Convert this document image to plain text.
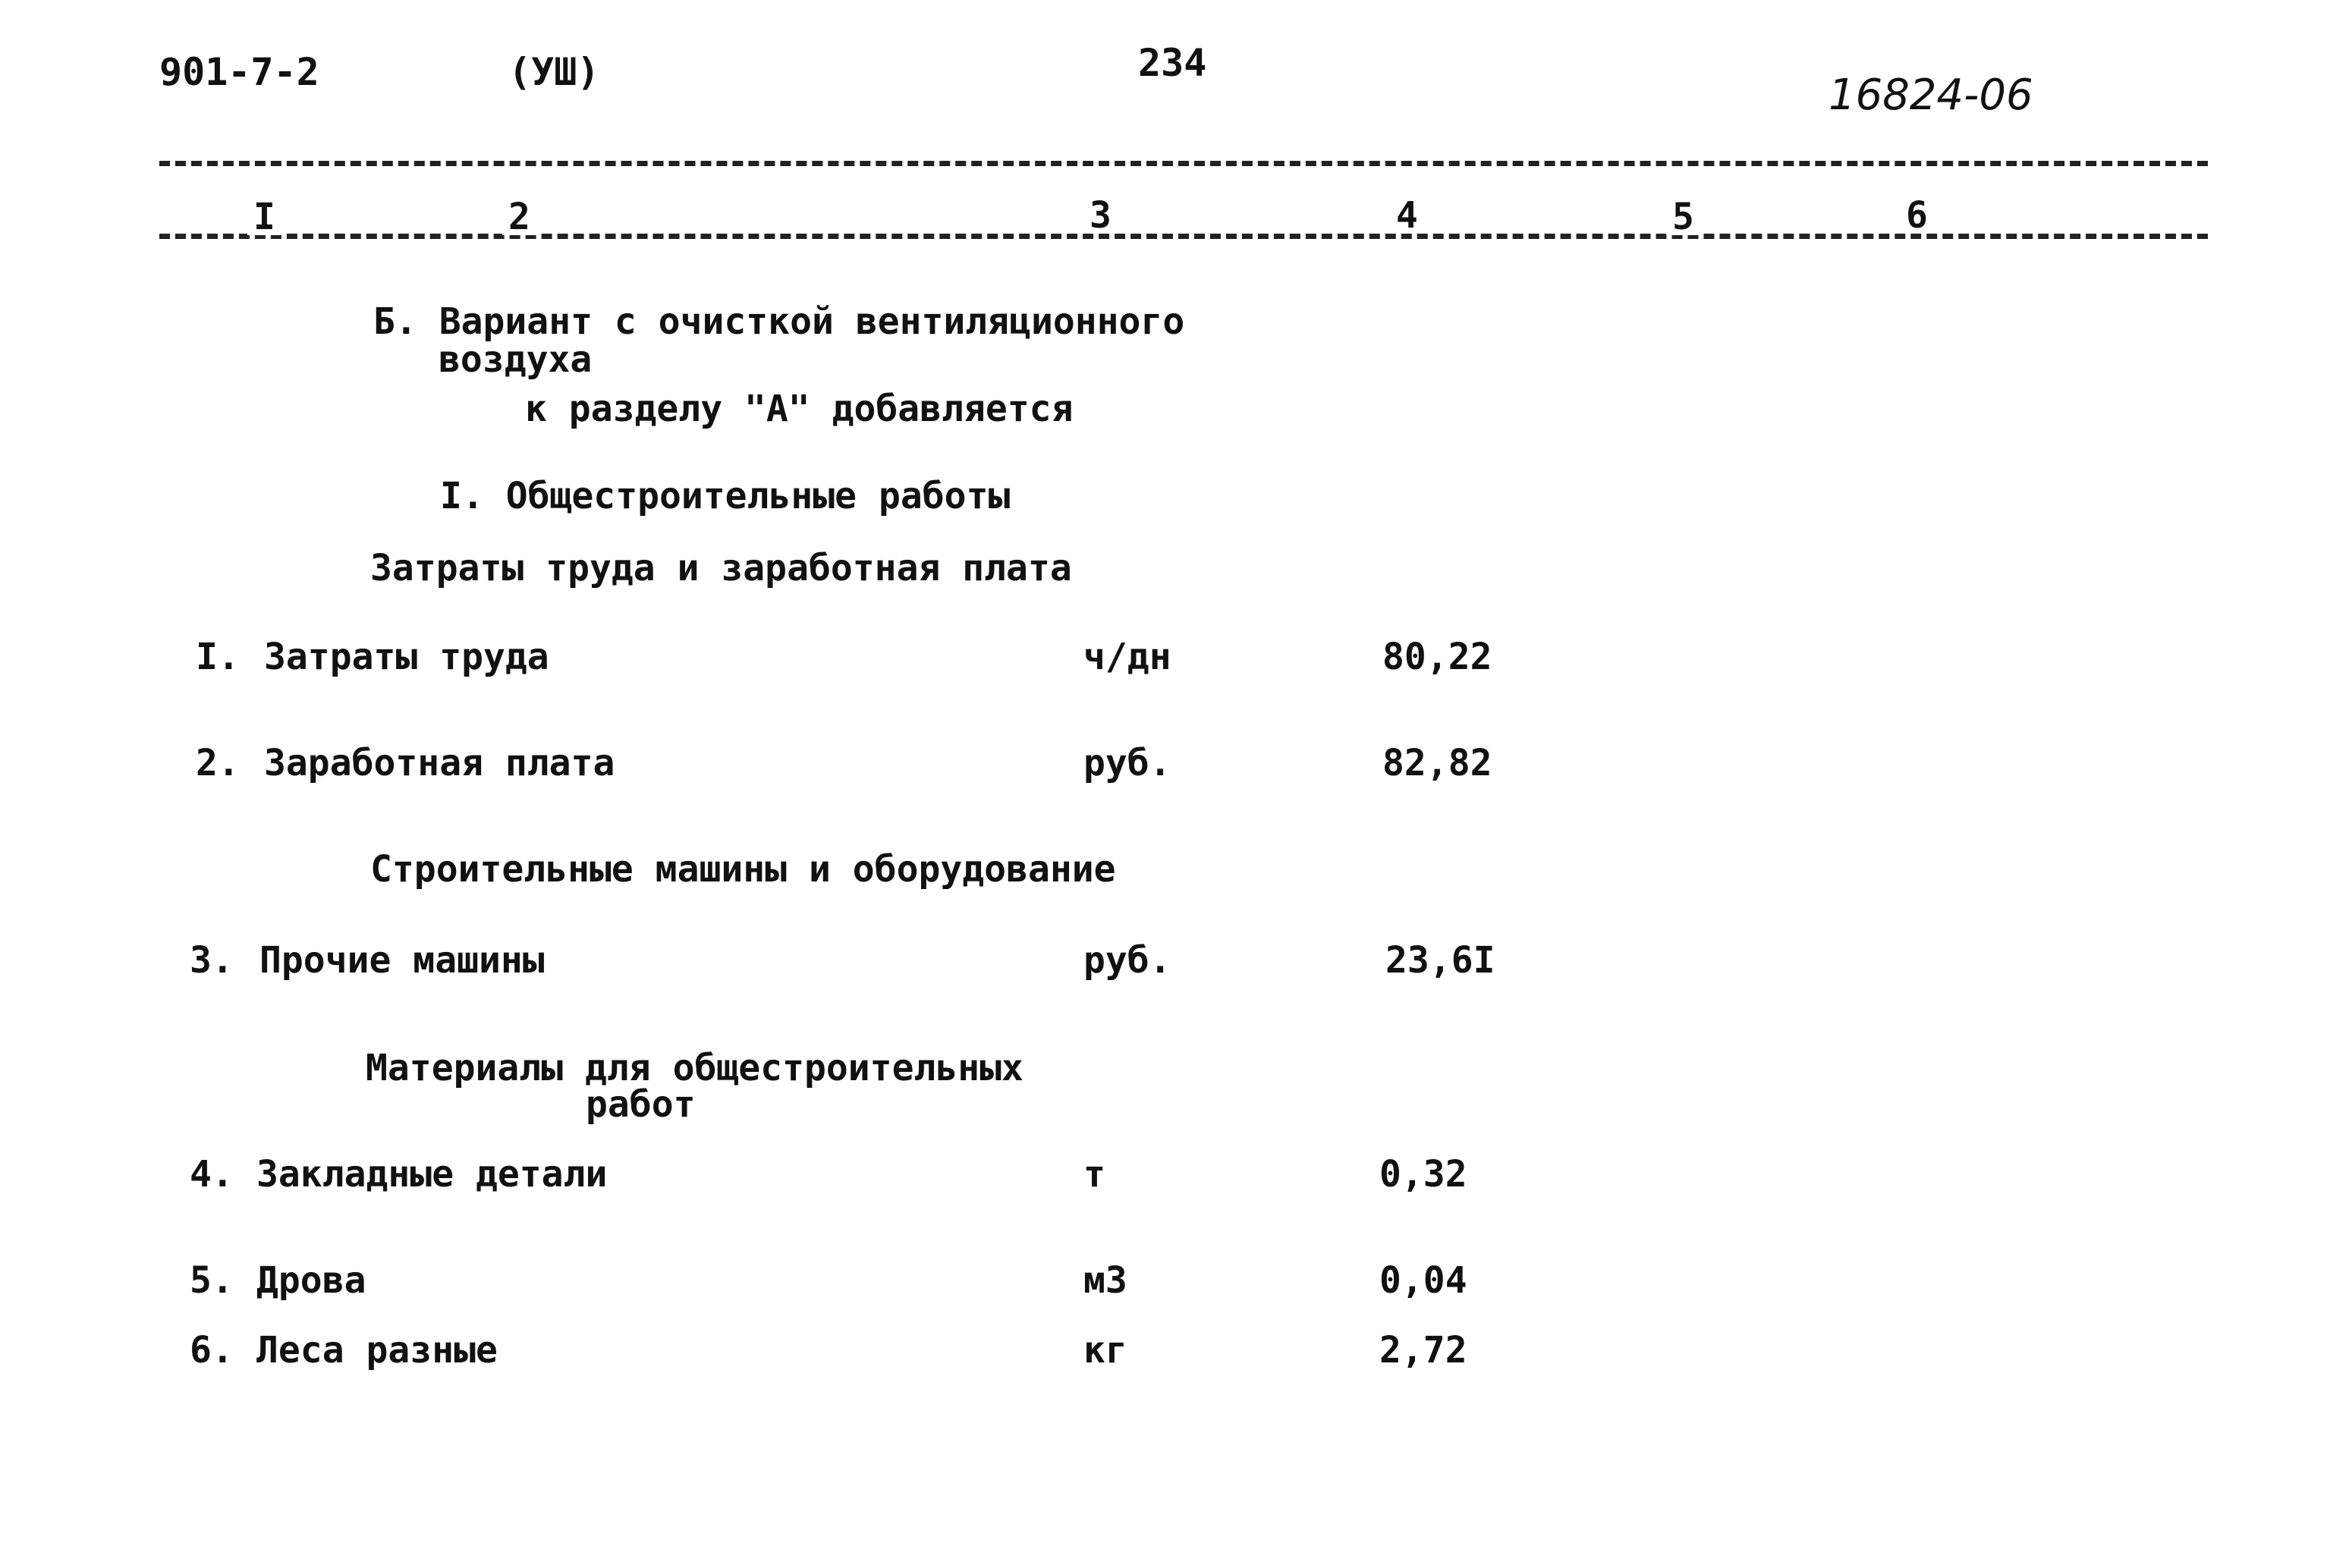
901-7-2	(УШ)	234
16824-06
I	2	3	4	5	6
Б. Вариант с очисткой вентиляционного
воздуха
к разделу "А" добавляется
I. Общестроительные работы
Затраты труда и заработная плата
I. Затраты труда	ч/дн	80,22
2. Заработная плата	руб.	82,82
Строительные машины и оборудование
3. Прочие машины	руб.	23,6I
Материалы для общестроительных
работ
4. Закладные детали	т	0,32
5. Дрова	м3	0,04
6. Леса разные	кг	2,72
